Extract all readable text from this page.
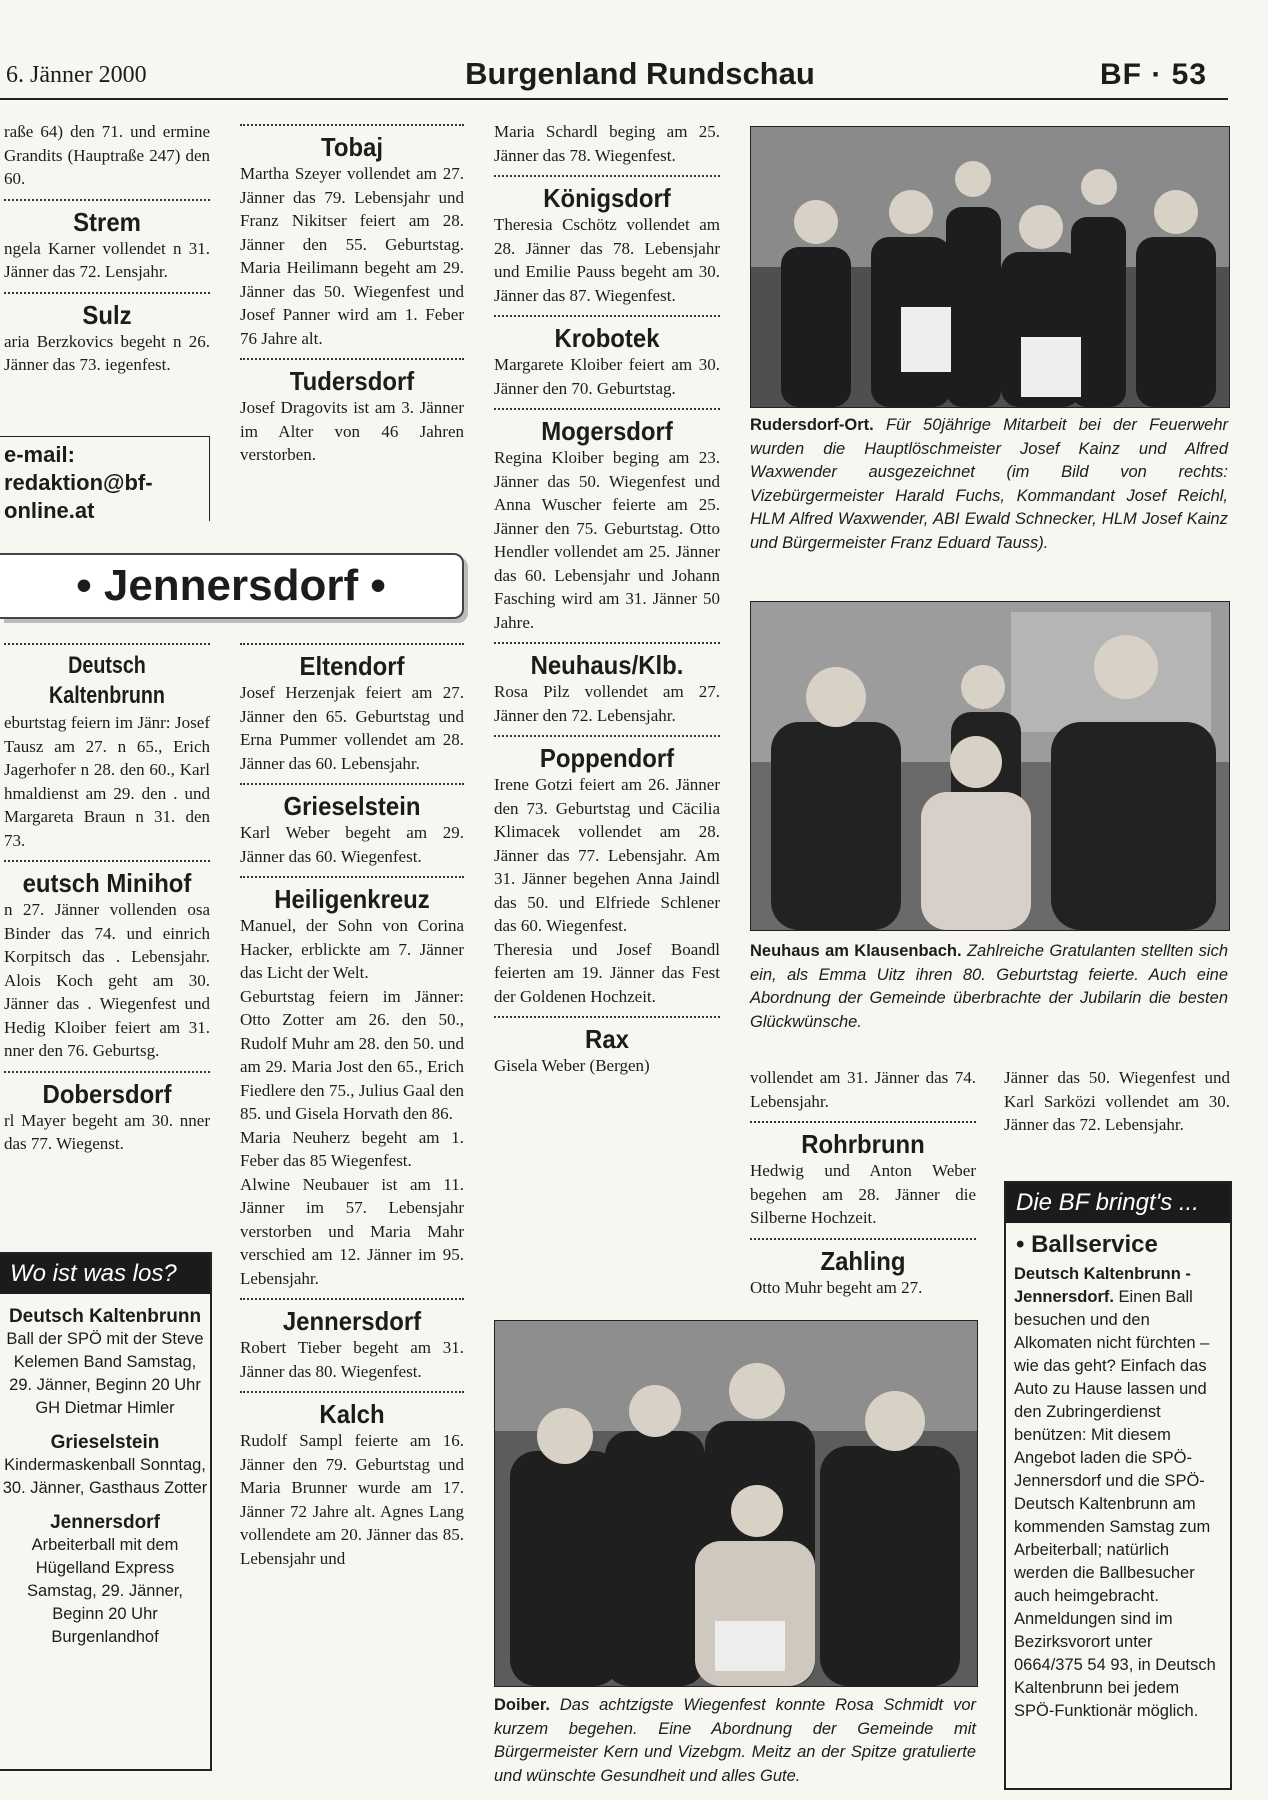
6. Jänner 2000	Burgenland Rundschau	BF · 53

raße 64) den 71. und ermine Grandits (Hauptraße 247) den 60.

Strem

ngela Karner vollendet n 31. Jänner das 72. Lensjahr.

Sulz

aria Berzkovics begeht n 26. Jänner das 73. iegenfest.

e-mail: redaktion@bf-online.at
Tobaj

Martha Szeyer vollendet am 27. Jänner das 79. Lebensjahr und Franz Nikitser feiert am 28. Jänner den 55. Geburtstag. Maria Heilimann begeht am 29. Jänner das 50. Wiegenfest und Josef Panner wird am 1. Feber 76 Jahre alt.

Tudersdorf

Josef Dragovits ist am 3. Jänner im Alter von 46 Jahren verstorben.

• Jennersdorf •
Deutsch Kaltenbrunn

eburtstag feiern im Jänr: Josef Tausz am 27. n 65., Erich Jagerhofer n 28. den 60., Karl hmaldienst am 29. den . und Margareta Braun n 31. den 73.

eutsch Minihof

n 27. Jänner vollenden osa Binder das 74. und einrich Korpitsch das . Lebensjahr. Alois Koch geht am 30. Jänner das . Wiegenfest und Hedig Kloiber feiert am 31. nner den 76. Geburtsg.

Dobersdorf

rl Mayer begeht am 30. nner das 77. Wiegenst.

Wo ist was los?
Deutsch Kaltenbrunn
Ball der SPÖ mit der Steve Kelemen Band Samstag, 29. Jänner, Beginn 20 Uhr GH Dietmar Himler
Grieselstein
Kindermaskenball Sonntag, 30. Jänner, Gasthaus Zotter
Jennersdorf
Arbeiterball mit dem Hügelland Express Samstag, 29. Jänner, Beginn 20 Uhr Burgenlandhof
Eltendorf

Josef Herzenjak feiert am 27. Jänner den 65. Geburtstag und Erna Pummer vollendet am 28. Jänner das 60. Lebensjahr.

Grieselstein

Karl Weber begeht am 29. Jänner das 60. Wiegenfest.

Heiligenkreuz

Manuel, der Sohn von Corina Hacker, erblickte am 7. Jänner das Licht der Welt.

Geburtstag feiern im Jänner: Otto Zotter am 26. den 50., Rudolf Muhr am 28. den 50. und am 29. Maria Jost den 65., Erich Fiedlere den 75., Julius Gaal den 85. und Gisela Horvath den 86.

Maria Neuherz begeht am 1. Feber das 85 Wiegenfest.

Alwine Neubauer ist am 11. Jänner im 57. Lebensjahr verstorben und Maria Mahr verschied am 12. Jänner im 95. Lebensjahr.

Jennersdorf

Robert Tieber begeht am 31. Jänner das 80. Wiegenfest.

Kalch

Rudolf Sampl feierte am 16. Jänner den 79. Geburtstag und Maria Brunner wurde am 17. Jänner 72 Jahre alt. Agnes Lang vollendete am 20. Jänner das 85. Lebensjahr und

Maria Schardl beging am 25. Jänner das 78. Wiegenfest.

Königsdorf

Theresia Cschötz vollendet am 28. Jänner das 78. Lebensjahr und Emilie Pauss begeht am 30. Jänner das 87. Wiegenfest.

Krobotek

Margarete Kloiber feiert am 30. Jänner den 70. Geburtstag.

Mogersdorf

Regina Kloiber beging am 23. Jänner das 50. Wiegenfest und Anna Wuscher feierte am 25. Jänner den 75. Geburtstag. Otto Hendler vollendet am 25. Jänner das 60. Lebensjahr und Johann Fasching wird am 31. Jänner 50 Jahre.

Neuhaus/Klb.

Rosa Pilz vollendet am 27. Jänner den 72. Lebensjahr.

Poppendorf

Irene Gotzi feiert am 26. Jänner den 73. Geburtstag und Cäcilia Klimacek vollendet am 28. Jänner das 77. Lebensjahr. Am 31. Jänner begehen Anna Jaindl das 50. und Elfriede Schlener das 60. Wiegenfest.

Theresia und Josef Boandl feierten am 19. Jänner das Fest der Goldenen Hochzeit.

Rax

Gisela Weber (Bergen)

Rudersdorf-Ort. Für 50jährige Mitarbeit bei der Feuerwehr wurden die Hauptlöschmeister Josef Kainz und Alfred Waxwender ausgezeichnet (im Bild von rechts: Vizebürgermeister Harald Fuchs, Kommandant Josef Reichl, HLM Alfred Waxwender, ABI Ewald Schnecker, HLM Josef Kainz und Bürgermeister Franz Eduard Tauss).
Neuhaus am Klausenbach. Zahlreiche Gratulanten stellten sich ein, als Emma Uitz ihren 80. Geburtstag feierte. Auch eine Abordnung der Gemeinde überbrachte der Jubilarin die besten Glückwünsche.

vollendet am 31. Jänner das 74. Lebensjahr.

Rohrbrunn

Hedwig und Anton Weber begehen am 28. Jänner die Silberne Hochzeit.

Zahling

Otto Muhr begeht am 27.

Jänner das 50. Wiegenfest und Karl Sarközi vollendet am 30. Jänner das 72. Lebensjahr.

Doiber. Das achtzigste Wiegenfest konnte Rosa Schmidt vor kurzem begehen. Eine Abordnung der Gemeinde mit Bürgermeister Kern und Vizebgm. Meitz an der Spitze gratulierte und wünschte Gesundheit und alles Gute.
Die BF bringt's ...
• Ballservice
Deutsch Kaltenbrunn - Jennersdorf. Einen Ball besuchen und den Alkomaten nicht fürchten – wie das geht? Einfach das Auto zu Hause lassen und den Zubringerdienst benützen: Mit diesem Angebot laden die SPÖ-Jennersdorf und die SPÖ-Deutsch Kaltenbrunn am kommenden Samstag zum Arbeiterball; natürlich werden die Ballbesucher auch heimgebracht. Anmeldungen sind im Bezirksvorort unter 0664/375 54 93, in Deutsch Kaltenbrunn bei jedem SPÖ-Funktionär möglich.
